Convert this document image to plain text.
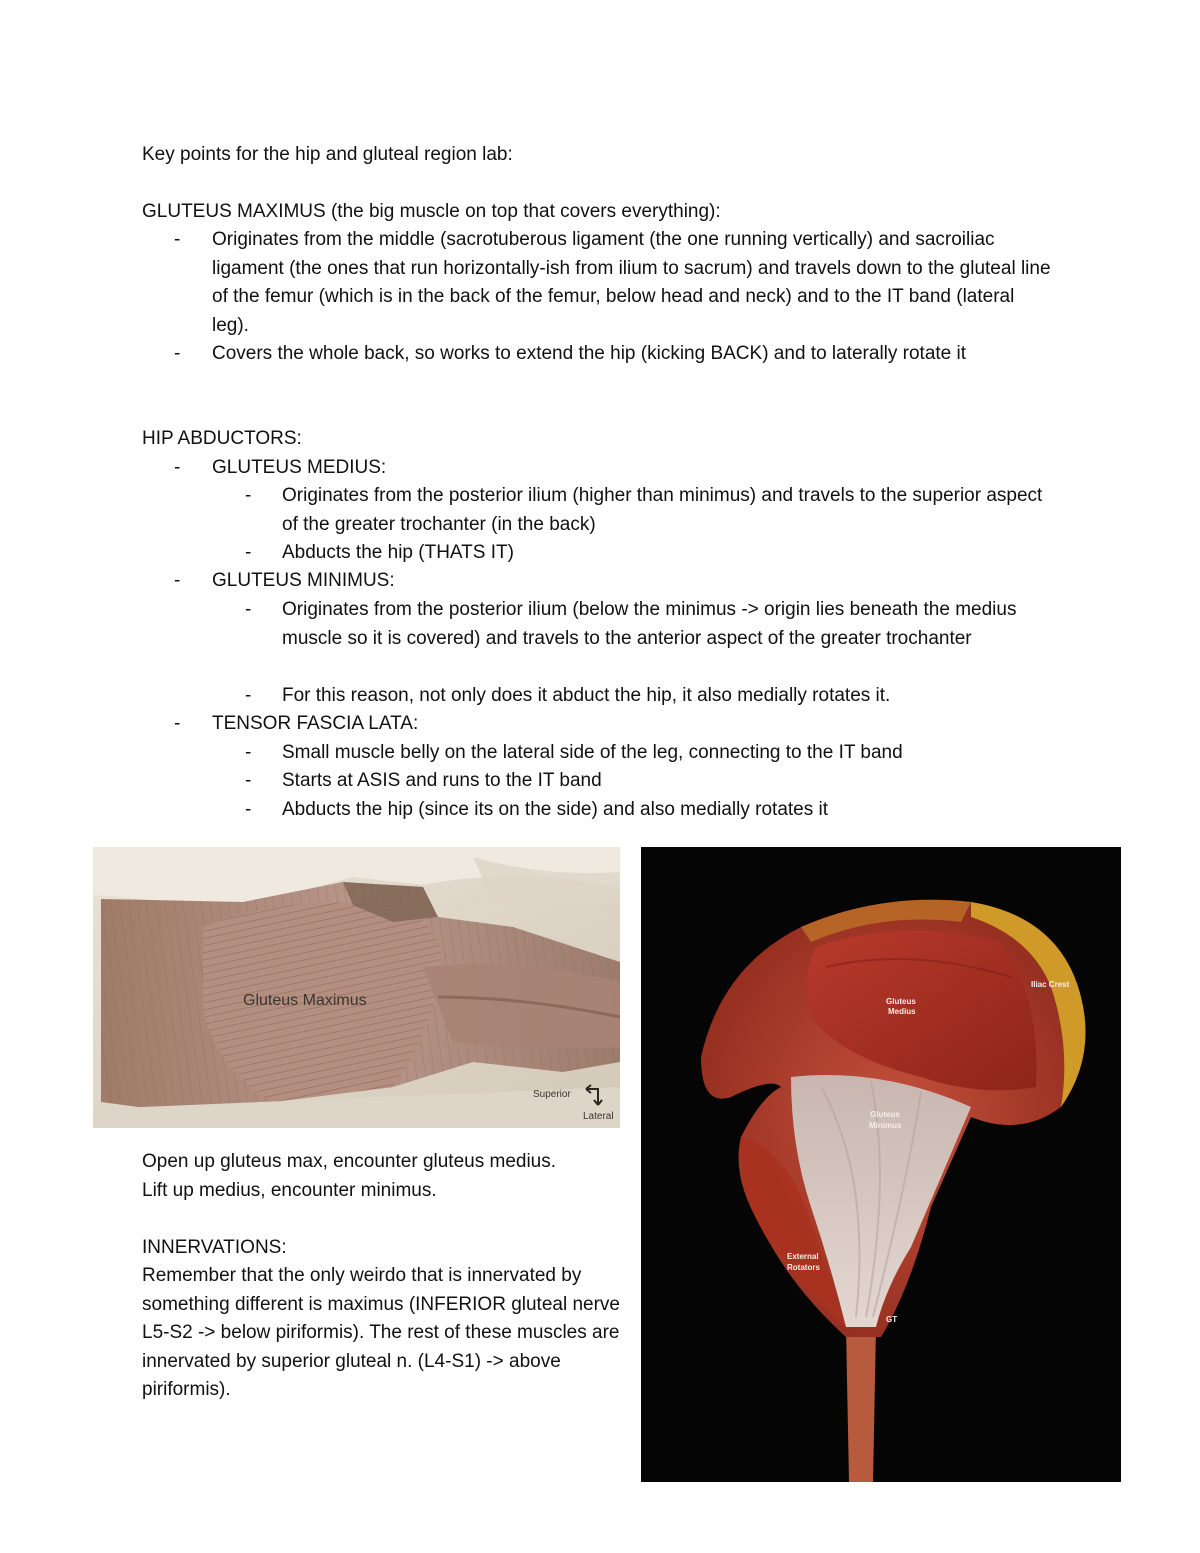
Key points for the hip and gluteal region lab:
GLUTEUS MAXIMUS (the big muscle on top that covers everything):
- Originates from the middle (sacrotuberous ligament (the one running vertically) and sacroiliac ligament (the ones that run horizontally-ish from ilium to sacrum) and travels down to the gluteal line of the femur (which is in the back of the femur, below head and neck) and to the IT band (lateral leg).
- Covers the whole back, so works to extend the hip (kicking BACK) and to laterally rotate it
HIP ABDUCTORS:
- GLUTEUS MEDIUS:
- Originates from the posterior ilium (higher than minimus) and travels to the superior aspect of the greater trochanter (in the back)
- Abducts the hip (THATS IT)
- GLUTEUS MINIMUS:
- Originates from the posterior ilium (below the minimus -> origin lies beneath the medius muscle so it is covered) and travels to the anterior aspect of the greater trochanter
- For this reason, not only does it abduct the hip, it also medially rotates it.
- TENSOR FASCIA LATA:
- Small muscle belly on the lateral side of the leg, connecting to the IT band
- Starts at ASIS and runs to the IT band
- Abducts the hip (since its on the side) and also medially rotates it
Gluteus Maximus
Superior
Lateral
Open up gluteus max, encounter gluteus medius.
Lift up medius, encounter minimus.
INNERVATIONS:
Remember that the only weirdo that is innervated by something different is maximus (INFERIOR gluteal nerve L5-S2 -> below piriformis). The rest of these muscles are innervated by superior gluteal n. (L4-S1) -> above piriformis).
Iliac Crest
Gluteus
Medius
Gluteus
Minimus
External
Rotators
GT
